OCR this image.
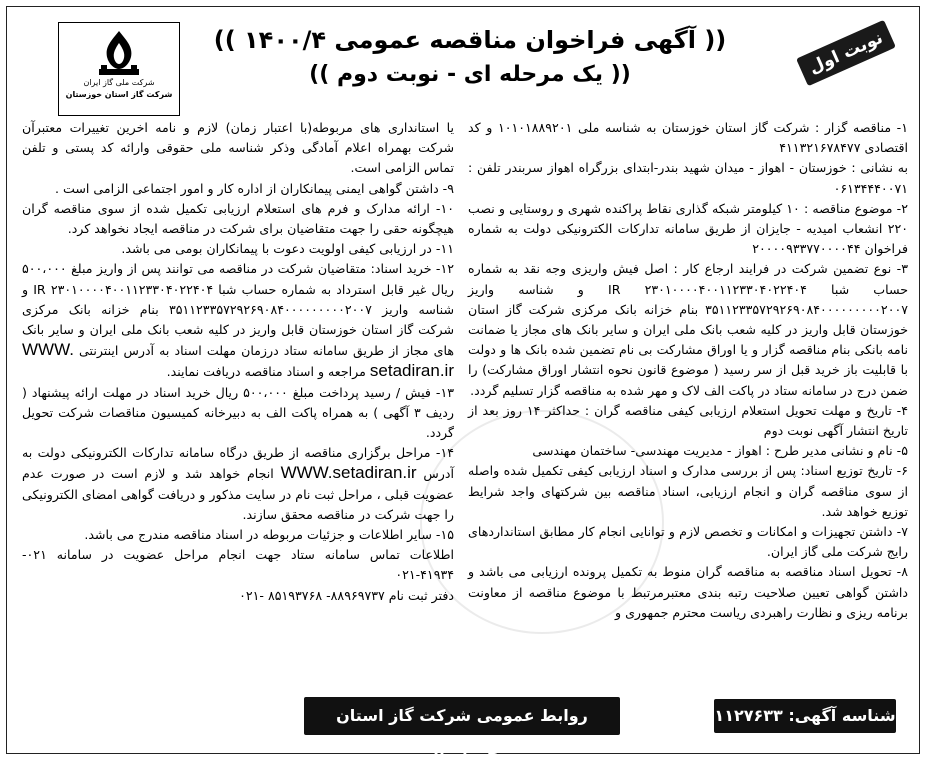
شرکت ملی گاز ایران
شرکت گاز استان خوزستان
(( آگهی فراخوان مناقصه عمومی ۱۴۰۰/۴ ))
(( یک مرحله ای - نوبت دوم ))	نوبت اول

۱- مناقصه گزار : شرکت گاز استان خوزستان به شناسه ملی ۱۰۱۰۱۸۸۹۲۰۱ و کد اقتصادی ۴۱۱۳۲۱۶۷۸۴۷۷

به نشانی : خوزستان - اهواز - میدان شهید بندر-ابتدای بزرگراه اهواز سربندر تلفن : ۰۶۱۳۴۴۴۰۰۷۱

۲- موضوع مناقصه : ۱۰ کیلومتر شبکه گذاری نقاط پراکنده شهری و روستایی و نصب ۲۲۰ انشعاب امیدیه - جایزان از طریق سامانه تدارکات الکترونیکی دولت به شماره فراخوان ۲۰۰۰۰۹۳۳۷۷۰۰۰۰۴۴

۳- نوع تضمین شرکت در فرایند ارجاع کار : اصل فیش واریزی وجه نقد به شماره حساب شبا ۲۳۰۱۰۰۰۰۴۰۰۱۱۲۳۳۰۴۰۲۲۴۰۴ IR و شناسه واریز ۳۵۱۱۲۳۳۵۷۲۹۲۶۹۰۸۴۰۰۰۰۰۰۰۰۰۲۰۰۷ بنام خزانه بانک مرکزی شرکت گاز استان خوزستان قابل واریز در کلیه شعب بانک ملی ایران و سایر بانک های مجاز یا ضمانت نامه بانکی بنام مناقصه گزار و یا اوراق مشارکت بی نام تضمین شده بانک ها و دولت با قابلیت باز خرید قبل از سر رسید ( موضوع قانون نحوه انتشار اوراق مشارکت) را ضمن درج در سامانه ستاد در پاکت الف لاک و مهر شده به مناقصه گزار تسلیم گردد.

۴- تاریخ و مهلت تحویل استعلام ارزیابی کیفی مناقصه گران : حداکثر ۱۴ روز بعد از تاریخ انتشار آگهی نوبت دوم

۵- نام و نشانی مدیر طرح : اهواز - مدیریت مهندسی- ساختمان مهندسی

۶- تاریخ توزیع اسناد: پس از بررسی مدارک و اسناد ارزیابی کیفی تکمیل شده واصله از سوی مناقصه گران و انجام ارزیابی، اسناد مناقصه بین شرکتهای واجد شرایط توزیع خواهد شد.

۷- داشتن تجهیزات و امکانات و تخصص لازم و توانایی انجام کار مطابق استانداردهای رایج شرکت ملی گاز ایران.

۸- تحویل اسناد مناقصه به مناقصه گران منوط به تکمیل پرونده ارزیابی می باشد و داشتن گواهی تعیین صلاحیت رتبه بندی معتبرمرتبط با موضوع مناقصه از معاونت برنامه ریزی و نظارت راهبردی ریاست محترم جمهوری و

یا استانداری های مربوطه(با اعتبار زمان) لازم و نامه اخرین تغییرات معتبرآن شرکت بهمراه اعلام آمادگی وذکر شناسه ملی حقوقی وارائه کد پستی و تلفن تماس الزامی است.

۹- داشتن گواهی ایمنی پیمانکاران از اداره کار و امور اجتماعی الزامی است .

۱۰- ارائه مدارک و فرم های استعلام ارزیابی تکمیل شده از سوی مناقصه گران هیچگونه حقی را جهت متقاضیان برای شرکت در مناقصه ایجاد نخواهد کرد.

۱۱- در ارزیابی کیفی اولویت دعوت با پیمانکاران بومی می باشد.

۱۲- خرید اسناد: متقاضیان شرکت در مناقصه می توانند پس از واریز مبلغ ۵۰۰،۰۰۰ ریال غیر قابل استرداد به شماره حساب شبا ۲۳۰۱۰۰۰۰۴۰۰۱۱۲۳۳۰۴۰۲۲۴۰۴ IR و شناسه واریز ۳۵۱۱۲۳۳۵۷۲۹۲۶۹۰۸۴۰۰۰۰۰۰۰۰۰۲۰۰۷ بنام خزانه بانک مرکزی شرکت گاز استان خوزستان قابل واریز در کلیه شعب بانک ملی ایران و سایر بانک های مجاز از طریق سامانه ستاد درزمان مهلت اسناد به آدرس اینترنتی WWW. setadiran.ir مراجعه و اسناد مناقصه دریافت نمایند.

۱۳- فیش / رسید پرداخت مبلغ ۵۰۰،۰۰۰ ریال خرید اسناد در مهلت ارائه پیشنهاد ( ردیف ۳ آگهی ) به همراه پاکت الف به دبیرخانه کمیسیون مناقصات شرکت تحویل گردد.

۱۴- مراحل برگزاری مناقصه از طریق درگاه سامانه تدارکات الکترونیکی دولت به آدرس WWW.setadiran.ir انجام خواهد شد و لازم است در صورت عدم عضویت قبلی ، مراحل ثبت نام در سایت مذکور و دریافت گواهی امضای الکترونیکی را جهت شرکت در مناقصه محقق سازند.

۱۵- سایر اطلاعات و جزئیات مربوطه در اسناد مناقصه مندرج می باشد.

اطلاعات تماس سامانه ستاد جهت انجام مراحل عضویت در سامانه ۰۲۱- ۴۱۹۳۴-۰۲۱

دفتر ثبت نام ۸۸۹۶۹۷۳۷- ۸۵۱۹۳۷۶۸ -۰۲۱

روابط عمومی شرکت گاز استان خوزستان
شناسه آگهی: ۱۱۲۷۶۳۳
